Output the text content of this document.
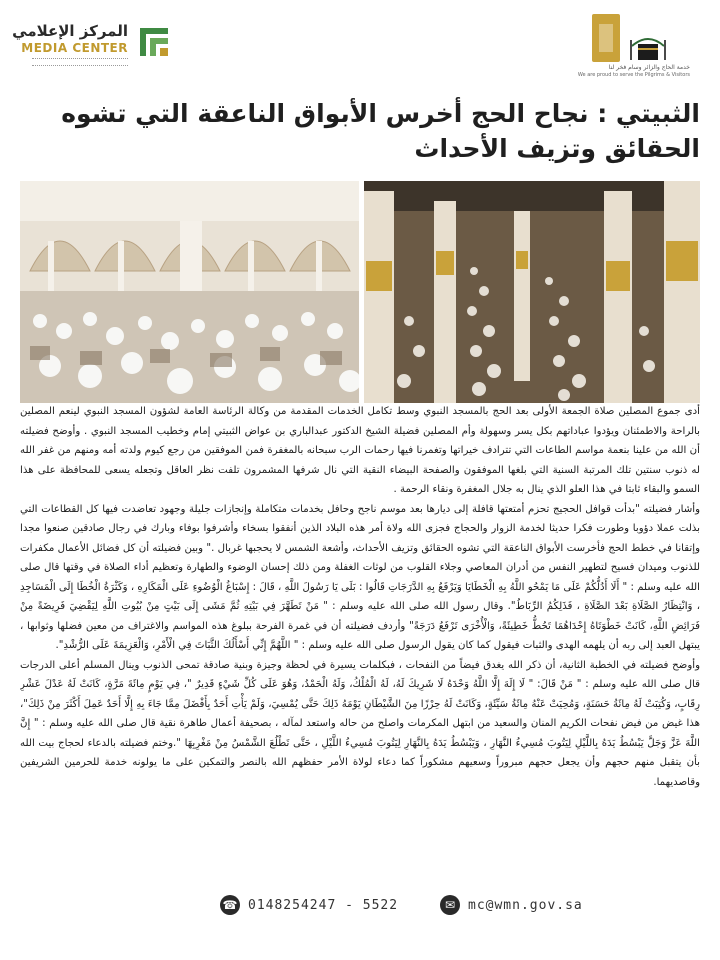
المركز الإعلامي
MEDIA CENTER
خدمة الحاج والزائر وسام فخر لنا
We are proud to serve the Pilgrims & Visitors
الثبيتي : نجاح الحج أخرس الأبواق الناعقة التي تشوه الحقائق وتزيف الأحداث

أدى جموع المصلين صلاة الجمعة الأولى بعد الحج بالمسجد النبوي وسط تكامل الخدمات المقدمة من وكالة الرئاسة العامة لشؤون المسجد النبوي لينعم المصلين بالراحة والاطمئنان ويؤدوا عباداتهم بكل يسر وسهولة وأم المصلين فضيلة الشيخ الدكتور عبدالباري بن عواض الثبيتي إمام وخطيب المسجد النبوي . وأوضح فضيلته أن الله من علينا بنعمة مواسم الطاعات التي تترادف خيراتها وتغمرنا فيها رحمات الرب سبحانه بالمغفرة فمن الموفقين من رجع كيوم ولدته أمه ومنهم من غفر الله له ذنوب سنتين تلك المرتبة السنية التي بلغها الموفقون والصفحة البيضاء النقية التي نال شرفها المشمرون تلفت نظر العاقل وتجعله يسعى للمحافظة على هذا السمو والبقاء ثابتا في هذا العلو الذي ينال به جلال المغفرة ونقاء الرحمة .

وأشار فضيلته "بدأت قوافل الحجيج تحزم أمتعتها قافلة إلى ديارها بعد موسم ناجح وحافل بخدمات متكاملة وإنجازات جليلة وجهود تعاضدت فيها كل القطاعات التي بذلت عملا دؤوبا وطورت فكرا حديثا لخدمة الزوار والحجاج فجزى الله ولاة أمر هذه البلاد الذين أنفقوا بسخاء وأشرفوا بوفاء وبارك في رجال صادقين صنعوا مجدا وإتقانا في خطط الحج فأخرست الأبواق الناعقة التي تشوه الحقائق وتزيف الأحداث، وأشعة الشمس لا يحجبها غربال ." وبين فضيلته أن كل فضائل الأعمال مكفرات للذنوب وميدان فسيح لتطهير النفس من أدران المعاصي وجلاء القلوب من لوثات الغفلة ومن ذلك إحسان الوضوء والطهارة وتعظيم أداء الصلاة في وقتها قال صلى الله عليه وسلم : " أَلَا أَدُلُّكُمْ عَلَى مَا يَمْحُو اللَّهُ بِهِ الْخَطَايَا وَيَرْفَعُ بِهِ الدَّرَجَاتِ قَالُوا : بَلَى يَا رَسُولَ اللَّهِ ، قَالَ : إِسْبَاغُ الْوُضُوءِ عَلَى الْمَكَارِهِ ، وَكَثْرَةُ الْخُطَا إِلَى الْمَسَاجِدِ ، وَانْتِظَارُ الصَّلَاةِ بَعْدَ الصَّلَاةِ ، فَذَلِكُمُ الرِّبَاطُ". وقال رسول الله صلى الله عليه وسلم : " مَنْ تَطَهَّرَ فِي بَيْتِهِ ثُمَّ مَشَى إِلَى بَيْتٍ مِنْ بُيُوتِ اللَّهِ لِيَقْضِيَ فَرِيضَةً مِنْ فَرَائِضِ اللَّهِ، كَانَتْ خَطْوَتَاهُ إِحْدَاهُمَا تَحُطُّ خَطِيئَةً، وَالْأُخْرَى تَرْفَعُ دَرَجَةً" وأردف فضيلته أن في غمرة الفرحة ببلوغ هذه المواسم والاغتراف من معين فضلها وثوابها ، يبتهل العبد إلى ربه أن يلهمه الهدى والثبات فيقول كما كان يقول الرسول صلى الله عليه وسلم : " اللَّهُمَّ إِنِّي أَسْأَلُكَ الثَّبَاتَ فِي الْأَمْرِ، وَالْعَزِيمَةَ عَلَى الرُّشْدِ".

وأوضح فضيلته في الخطبة الثانية، أن ذكر الله يغدق فيضاً من النفحات ، فبكلمات يسيرة في لحظة وجيزة وبنية صادقة تمحى الذنوب وينال المسلم أعلى الدرجات قال صلى الله عليه وسلم : " مَنْ قَالَ: " لَا إِلَهَ إِلَّا اللَّهُ وَحْدَهُ لَا شَرِيكَ لَهُ، لَهُ الْمُلْكُ، وَلَهُ الْحَمْدُ، وَهُوَ عَلَى كُلِّ شَيْءٍ قَدِيرٌ "، فِي يَوْمٍ مِائَةَ مَرَّةٍ، كَانَتْ لَهُ عَدْلَ عَشْرِ رِقَابٍ، وَكُتِبَتْ لَهُ مِائَةُ حَسَنَةٍ، وَمُحِيَتْ عَنْهُ مِائَةُ سَيِّئَةٍ، وَكَانَتْ لَهُ حِرْزًا مِنَ الشَّيْطَانِ يَوْمَهُ ذَلِكَ حَتَّى يُمْسِيَ، وَلَمْ يَأْتِ أَحَدٌ بِأَفْضَلَ مِمَّا جَاءَ بِهِ إِلَّا أَحَدٌ عَمِلَ أَكْثَرَ مِنْ ذَلِكَ"، هذا غيض من فيض نفحات الكريم المنان والسعيد من ابتهل المكرمات واصلح من حاله واستعد لمآله ، بصحيفة أعمال طاهرة نقية قال صلى الله عليه وسلم : " إِنَّ اللَّهَ عَزَّ وَجَلَّ يَبْسُطُ يَدَهُ بِاللَّيْلِ لِيَتُوبَ مُسِيءُ النَّهَارِ ، وَيَبْسُطُ يَدَهُ بِالنَّهَارِ لِيَتُوبَ مُسِيءُ اللَّيْلِ ، حَتَّى تَطْلُعَ الشَّمْسُ مِنْ مَغْرِبِهَا ".وختم فضيلته بالدعاء لحجاج بيت الله بأن يتقبل منهم حجهم وأن يجعل حجهم مبروراً وسعيهم مشكوراً كما دعاء لولاة الأمر حفظهم الله بالنصر والتمكين على ما يولونه خدمة للحرمين الشريفين وقاصديهما.

☎ 0148254247 - 5522	✉ mc@wmn.gov.sa
